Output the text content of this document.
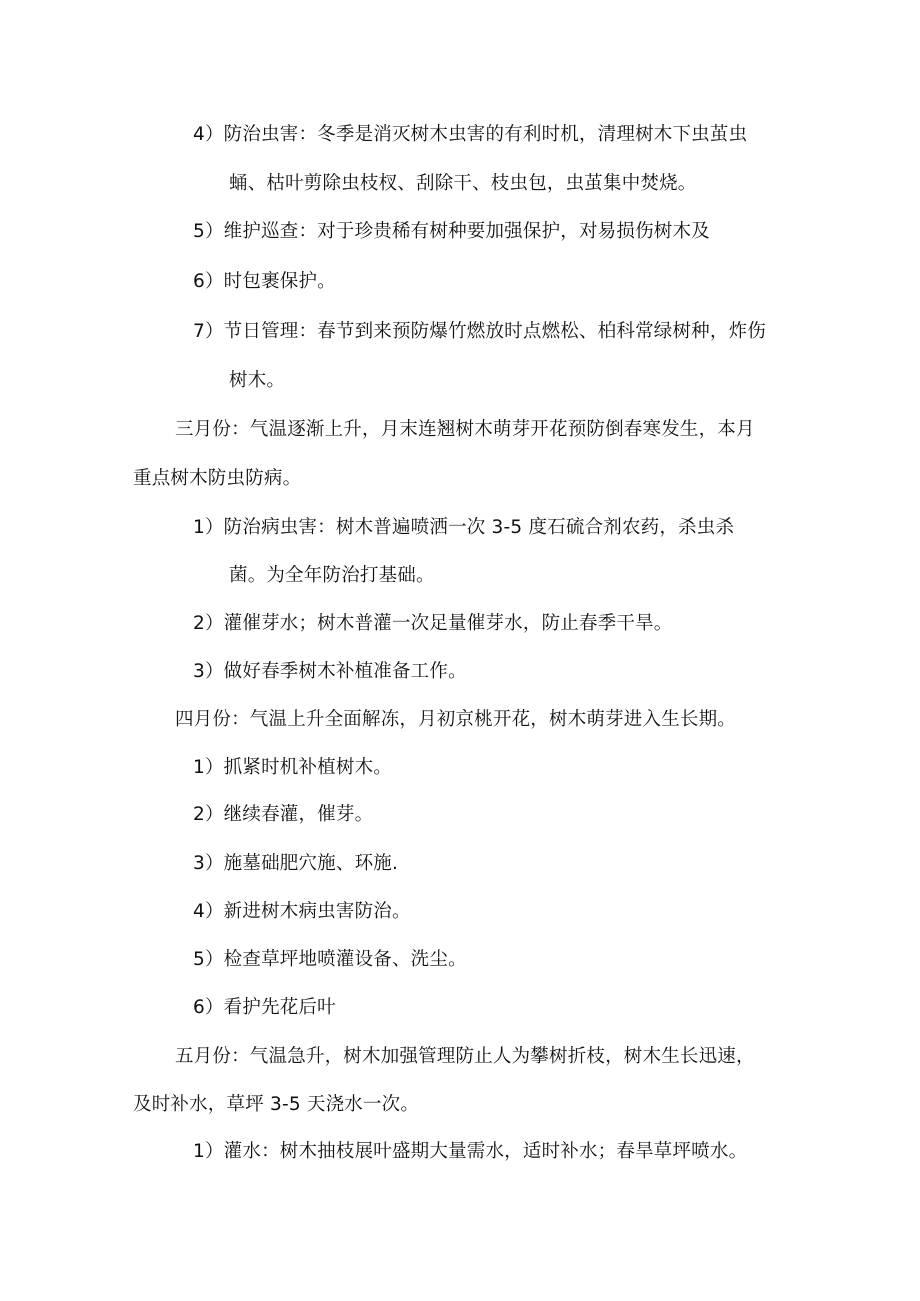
4）防治虫害：冬季是消灭树木虫害的有利时机，清理树木下虫茧虫
蛹、枯叶剪除虫枝杈、刮除干、枝虫包，虫茧集中焚烧。
5）维护巡查：对于珍贵稀有树种要加强保护，对易损伤树木及
6）时包裹保护。
7）节日管理：春节到来预防爆竹燃放时点燃松、柏科常绿树种，炸伤
树木。
三月份：气温逐渐上升，月末连翘树木萌芽开花预防倒春寒发生，本月
重点树木防虫防病。
1）防治病虫害：树木普遍喷洒一次 3-5 度石硫合剂农药，杀虫杀
菌。为全年防治打基础。
2）灌催芽水；树木普灌一次足量催芽水，防止春季干旱。
3）做好春季树木补植准备工作。
四月份：气温上升全面解冻，月初京桃开花，树木萌芽进入生长期。
1）抓紧时机补植树木。
2）继续春灌，催芽。
3）施墓础肥穴施、环施.
4）新进树木病虫害防治。
5）检查草坪地喷灌设备、洗尘。
6）看护先花后叶
五月份：气温急升，树木加强管理防止人为攀树折枝，树木生长迅速，
及时补水，草坪 3-5 天浇水一次。
1）灌水：树木抽枝展叶盛期大量需水，适时补水；春旱草坪喷水。
